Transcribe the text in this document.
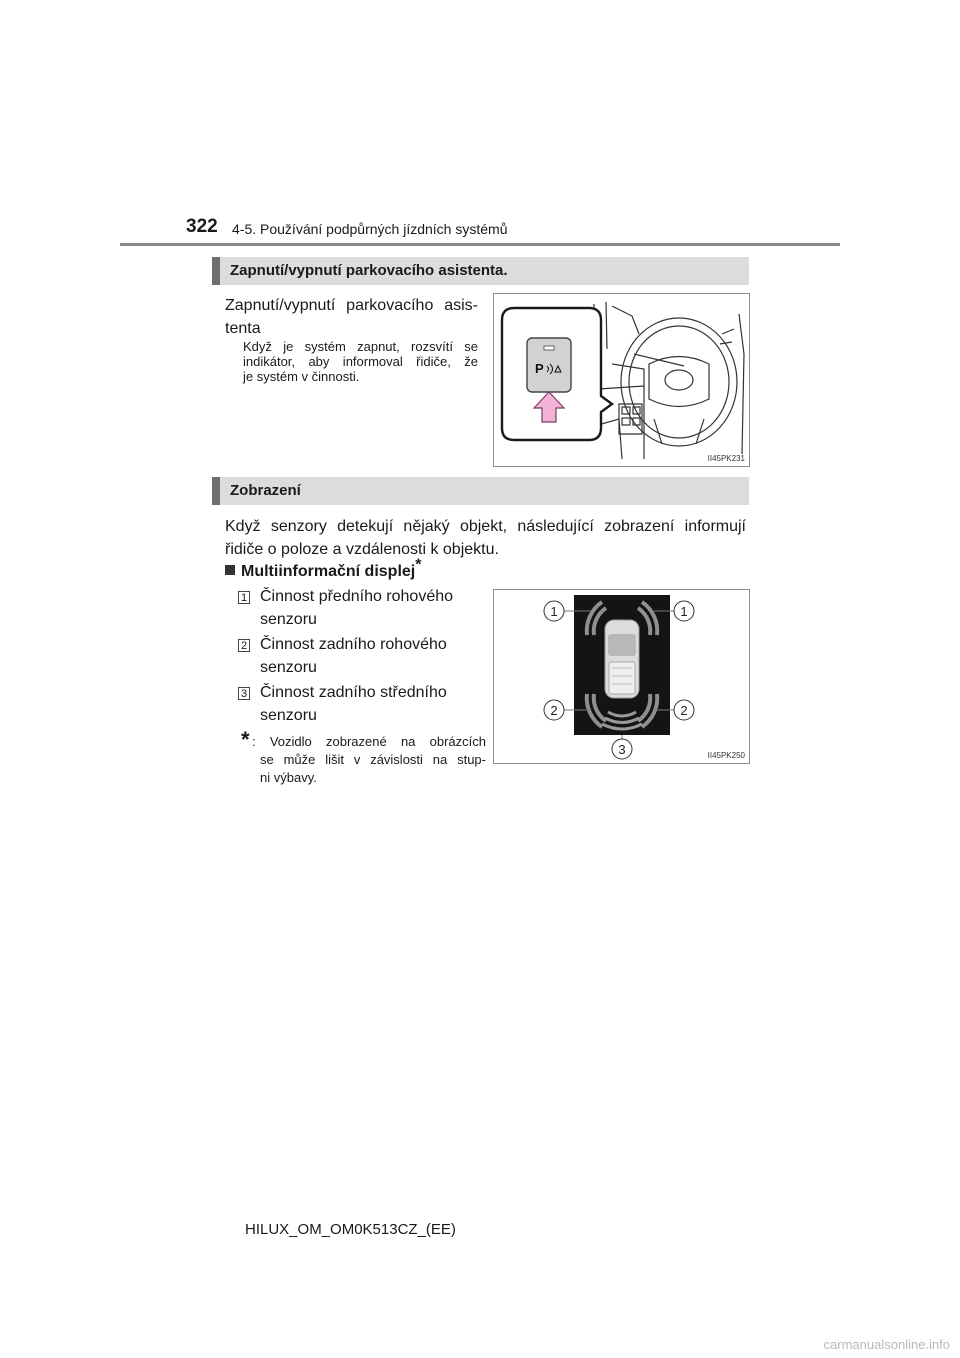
322 4-5. Používání podpůrných jízdních systémů
Zapnutí/vypnutí parkovacího asistenta.
Zapnutí/vypnutí parkovacího asis-
tenta
Když je systém zapnut, rozsvítí se
indikátor, aby informoval řidiče, že
je systém v činnosti.
P
II45PK231
Zobrazení
Když senzory detekují nějaký objekt, následující zobrazení informují
řidiče o poloze a vzdálenosti k objektu.
Multiinformační displej*
1 Činnost předního rohového
senzoru
2 Činnost zadního rohového
senzoru
3 Činnost zadního středního
senzoru
* : Vozidlo zobrazené na obrázcích
se může lišit v závislosti na stup-
ni výbavy.
1	1
2	2
3	II45PK250
HILUX_OM_OM0K513CZ_(EE)
carmanualsonline.info
